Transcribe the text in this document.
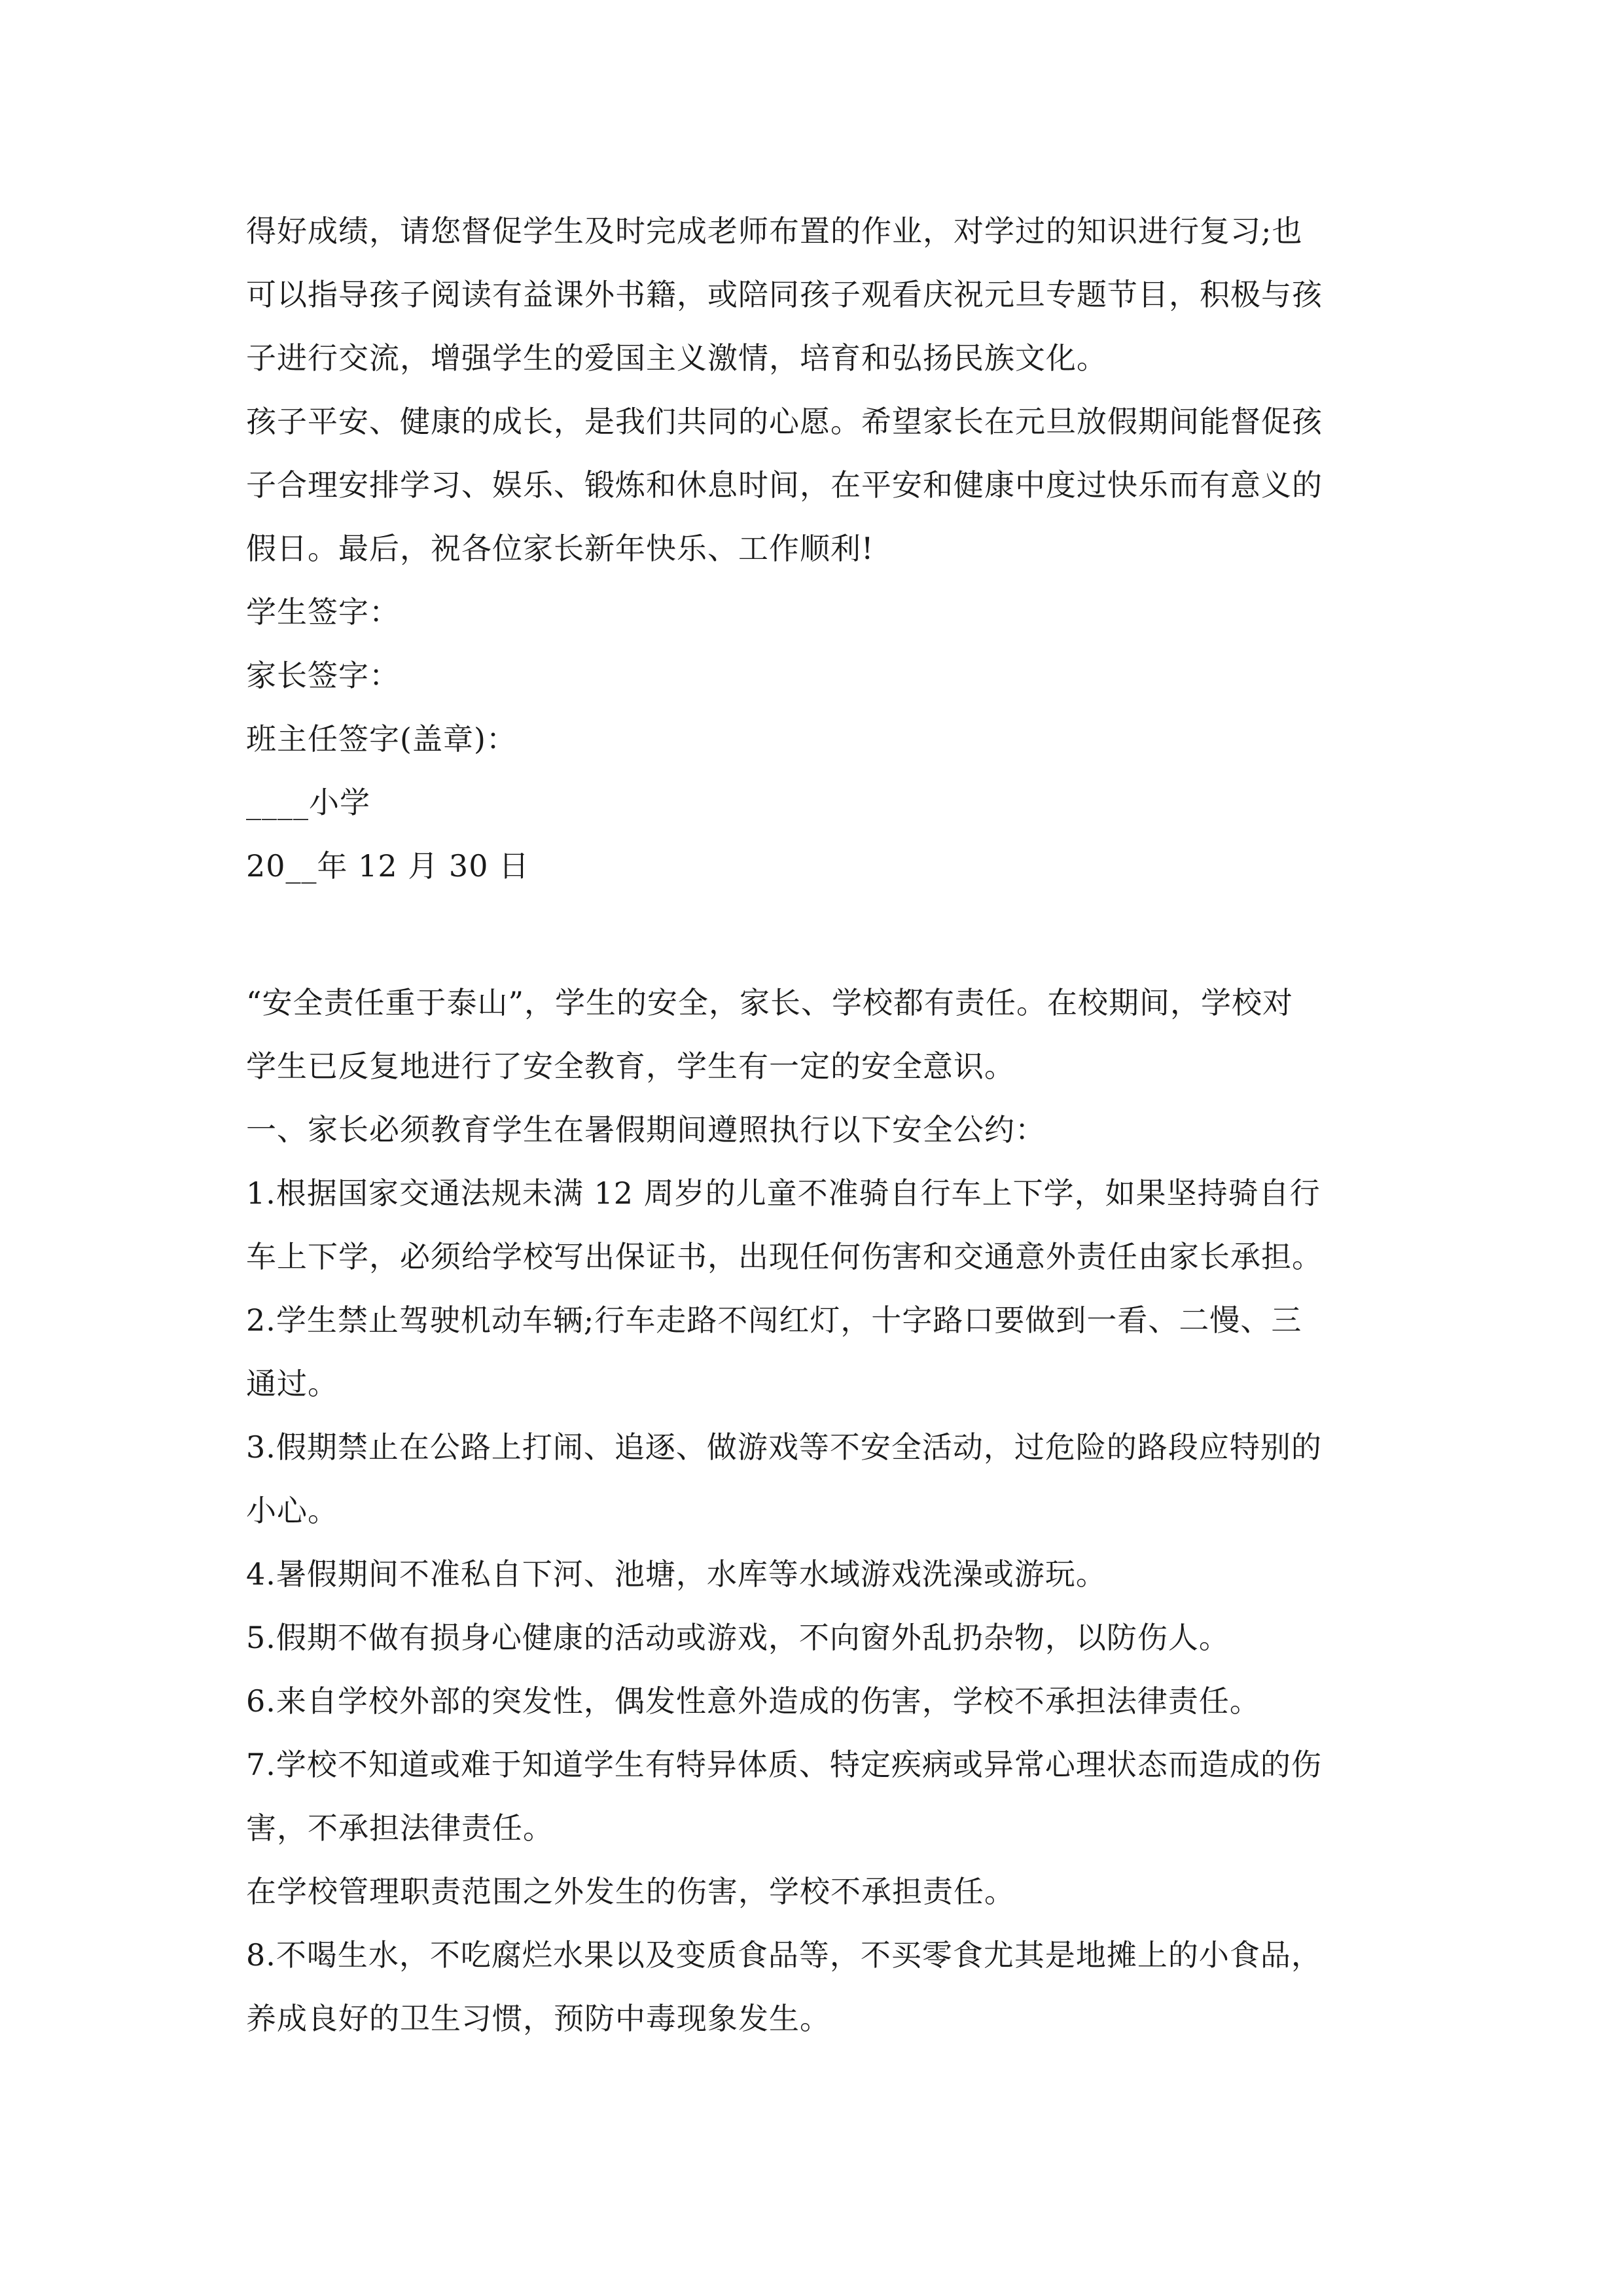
得好成绩，请您督促学生及时完成老师布置的作业，对学过的知识进行复习;也
可以指导孩子阅读有益课外书籍，或陪同孩子观看庆祝元旦专题节目，积极与孩
子进行交流，增强学生的爱国主义激情，培育和弘扬民族文化。
孩子平安、健康的成长，是我们共同的心愿。希望家长在元旦放假期间能督促孩
子合理安排学习、娱乐、锻炼和休息时间，在平安和健康中度过快乐而有意义的
假日。最后，祝各位家长新年快乐、工作顺利!
学生签字：
家长签字：
班主任签字(盖章)：
____小学
20__年 12 月 30 日
“安全责任重于泰山”，学生的安全，家长、学校都有责任。在校期间，学校对
学生已反复地进行了安全教育，学生有一定的安全意识。
一、家长必须教育学生在暑假期间遵照执行以下安全公约：
1.根据国家交通法规未满 12 周岁的儿童不准骑自行车上下学，如果坚持骑自行
车上下学，必须给学校写出保证书，出现任何伤害和交通意外责任由家长承担。
2.学生禁止驾驶机动车辆;行车走路不闯红灯，十字路口要做到一看、二慢、三
通过。
3.假期禁止在公路上打闹、追逐、做游戏等不安全活动，过危险的路段应特别的
小心。
4.暑假期间不准私自下河、池塘，水库等水域游戏洗澡或游玩。
5.假期不做有损身心健康的活动或游戏，不向窗外乱扔杂物，以防伤人。
6.来自学校外部的突发性，偶发性意外造成的伤害，学校不承担法律责任。
7.学校不知道或难于知道学生有特异体质、特定疾病或异常心理状态而造成的伤
害，不承担法律责任。
在学校管理职责范围之外发生的伤害，学校不承担责任。
8.不喝生水，不吃腐烂水果以及变质食品等，不买零食尤其是地摊上的小食品，
养成良好的卫生习惯，预防中毒现象发生。
